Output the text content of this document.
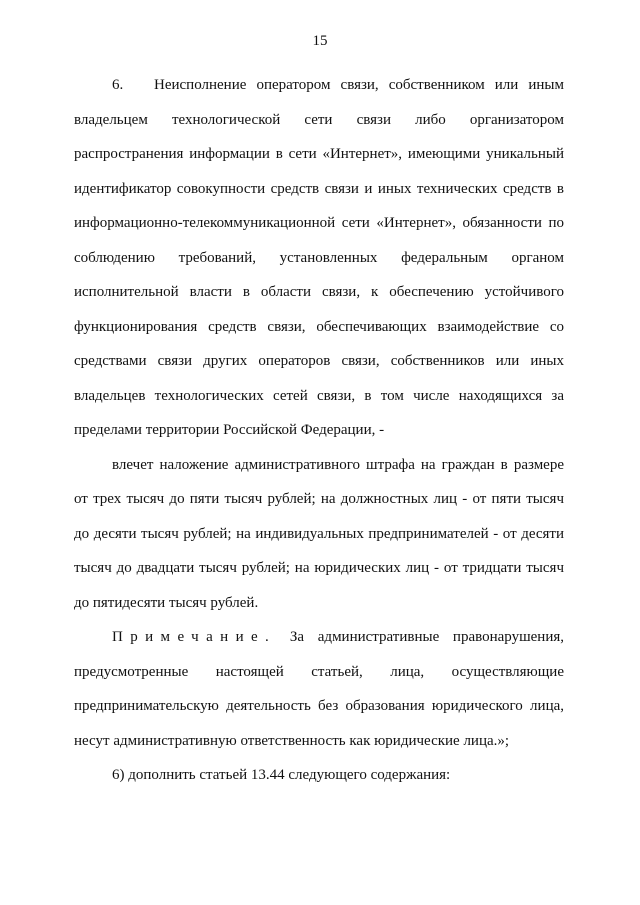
15
6. Неисполнение оператором связи, собственником или иным
владельцем технологической сети связи либо организатором
распространения информации в сети «Интернет», имеющими уникальный
идентификатор совокупности средств связи и иных технических средств в
информационно-телекоммуникационной сети «Интернет», обязанности по
соблюдению требований, установленных федеральным органом
исполнительной власти в области связи, к обеспечению устойчивого
функционирования средств связи, обеспечивающих взаимодействие со
средствами связи других операторов связи, собственников или иных
владельцев технологических сетей связи, в том числе находящихся за
пределами территории Российской Федерации, -
влечет наложение административного штрафа на граждан в размере
от трех тысяч до пяти тысяч рублей; на должностных лиц - от пяти тысяч
до десяти тысяч рублей; на индивидуальных предпринимателей - от десяти
тысяч до двадцати тысяч рублей; на юридических лиц - от тридцати тысяч
до пятидесяти тысяч рублей.
Примечание. За административные правонарушения,
предусмотренные настоящей статьей, лица, осуществляющие
предпринимательскую деятельность без образования юридического лица,
несут административную ответственность как юридические лица.»;
6) дополнить статьей 13.44 следующего содержания:
